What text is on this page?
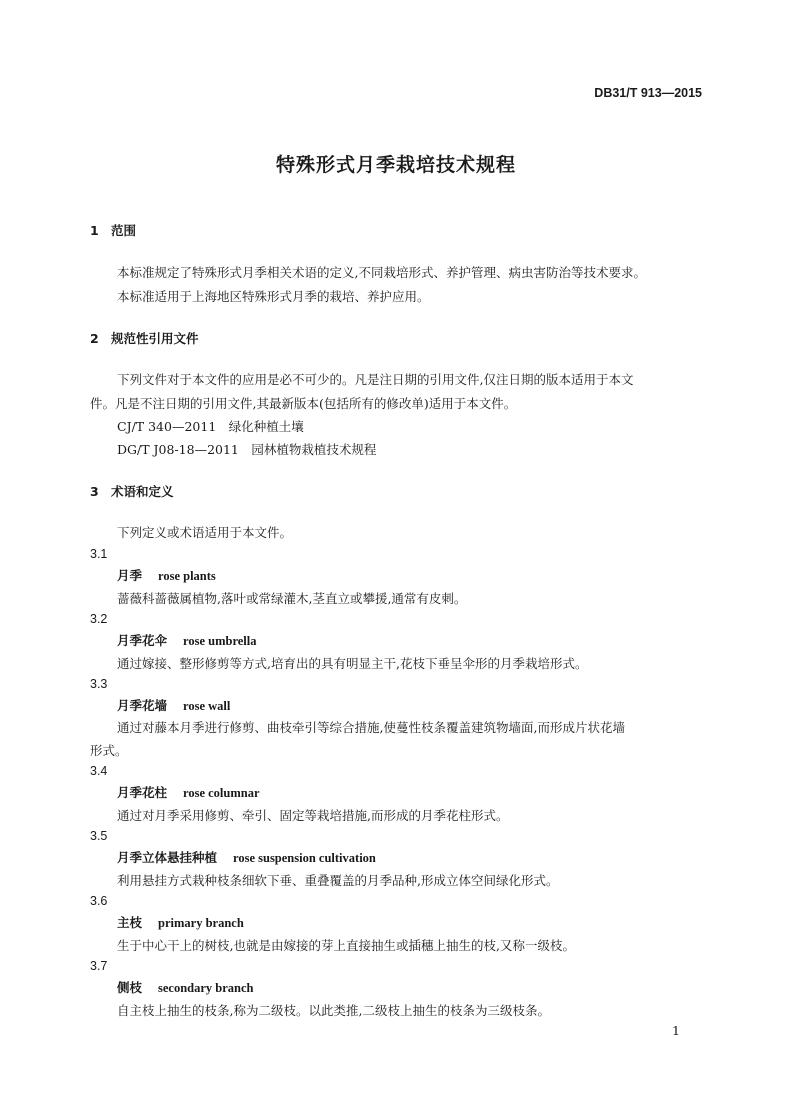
DB31/T 913—2015
特殊形式月季栽培技术规程
1 范围
本标准规定了特殊形式月季相关术语的定义,不同栽培形式、养护管理、病虫害防治等技术要求。
本标准适用于上海地区特殊形式月季的栽培、养护应用。
2 规范性引用文件
下列文件对于本文件的应用是必不可少的。凡是注日期的引用文件,仅注日期的版本适用于本文
件。凡是不注日期的引用文件,其最新版本(包括所有的修改单)适用于本文件。
CJ/T 340—2011　绿化种植土壤
DG/T J08-18—2011　园林植物栽植技术规程
3 术语和定义
下列定义或术语适用于本文件。
3.1
月季 rose plants
蔷薇科蔷薇属植物,落叶或常绿灌木,茎直立或攀援,通常有皮刺。
3.2
月季花伞 rose umbrella
通过嫁接、整形修剪等方式,培育出的具有明显主干,花枝下垂呈伞形的月季栽培形式。
3.3
月季花墙 rose wall
通过对藤本月季进行修剪、曲枝牵引等综合措施,使蔓性枝条覆盖建筑物墙面,而形成片状花墙
形式。
3.4
月季花柱 rose columnar
通过对月季采用修剪、牵引、固定等栽培措施,而形成的月季花柱形式。
3.5
月季立体悬挂种植 rose suspension cultivation
利用悬挂方式栽种枝条细软下垂、重叠覆盖的月季品种,形成立体空间绿化形式。
3.6
主枝 primary branch
生于中心干上的树枝,也就是由嫁接的芽上直接抽生或插穗上抽生的枝,又称一级枝。
3.7
侧枝 secondary branch
自主枝上抽生的枝条,称为二级枝。以此类推,二级枝上抽生的枝条为三级枝条。
1
